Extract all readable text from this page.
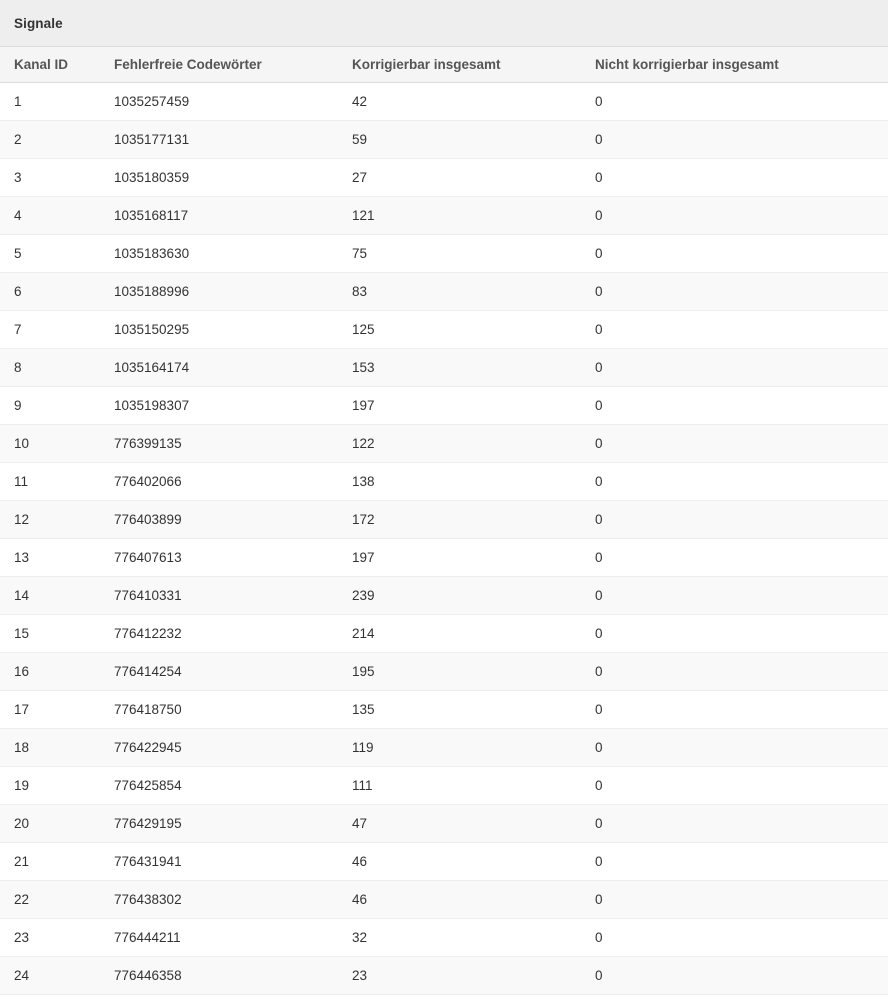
Signale
Kanal ID	Fehlerfreie Codewörter	Korrigierbar insgesamt	Nicht korrigierbar insgesamt
1	1035257459	42	0
2	1035177131	59	0
3	1035180359	27	0
4	1035168117	121	0
5	1035183630	75	0
6	1035188996	83	0
7	1035150295	125	0
8	1035164174	153	0
9	1035198307	197	0
10	776399135	122	0
11	776402066	138	0
12	776403899	172	0
13	776407613	197	0
14	776410331	239	0
15	776412232	214	0
16	776414254	195	0
17	776418750	135	0
18	776422945	119	0
19	776425854	111	0
20	776429195	47	0
21	776431941	46	0
22	776438302	46	0
23	776444211	32	0
24	776446358	23	0
